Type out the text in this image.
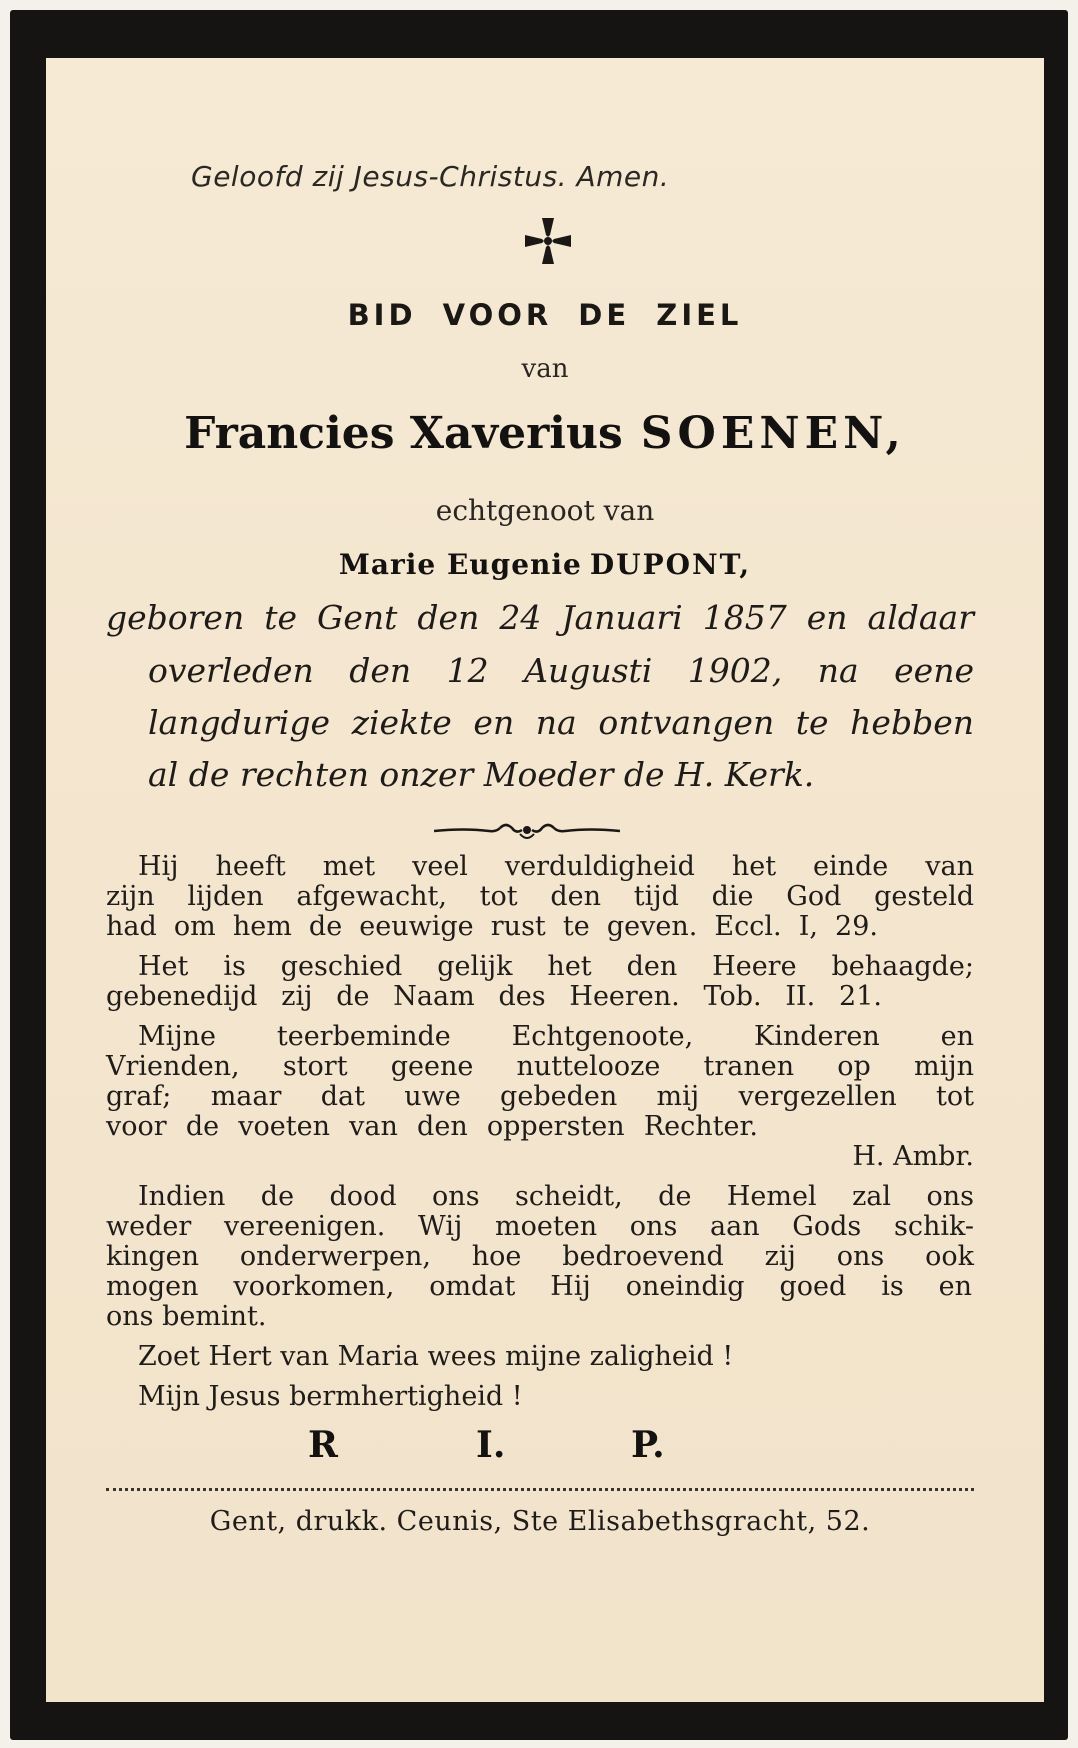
Geloofd zij Jesus-Christus. Amen.
BID VOOR DE ZIEL
van
Francies Xaverius SOENEN,
echtgenoot van
Marie Eugenie DUPONT,
geboren te Gent den 24 Januari 1857 en aldaar
overleden den 12 Augusti 1902, na eene
langdurige ziekte en na ontvangen te hebben
al de rechten onzer Moeder de H. Kerk.
Hij heeft met veel verduldigheid het einde van
zijn lijden afgewacht, tot den tijd die God gesteld
had om hem de eeuwige rust te geven. Eccl. I, 29.
Het is geschied gelijk het den Heere behaagde;
gebenedijd zij de Naam des Heeren. Tob. II. 21.
Mijne teerbeminde Echtgenoote, Kinderen en
Vrienden, stort geene nutteloozе tranen op mijn
graf; maar dat uwe gebeden mij vergezellen tot
voor de voeten van den oppersten Rechter.
H. Ambr.
Indien de dood ons scheidt, de Hemel zal ons
weder vereenigen. Wij moeten ons aan Gods schik-
kingen onderwerpen, hoe bedroevend zij ons ook
mogen voorkomen, omdat Hij oneindig goed is en
ons bemint.
Zoet Hert van Maria wees mijne zaligheid !
Mijn Jesus bermhertigheid !
R	I.	P.
Gent, drukk. Ceunis, Ste Elisabethsgracht, 52.
